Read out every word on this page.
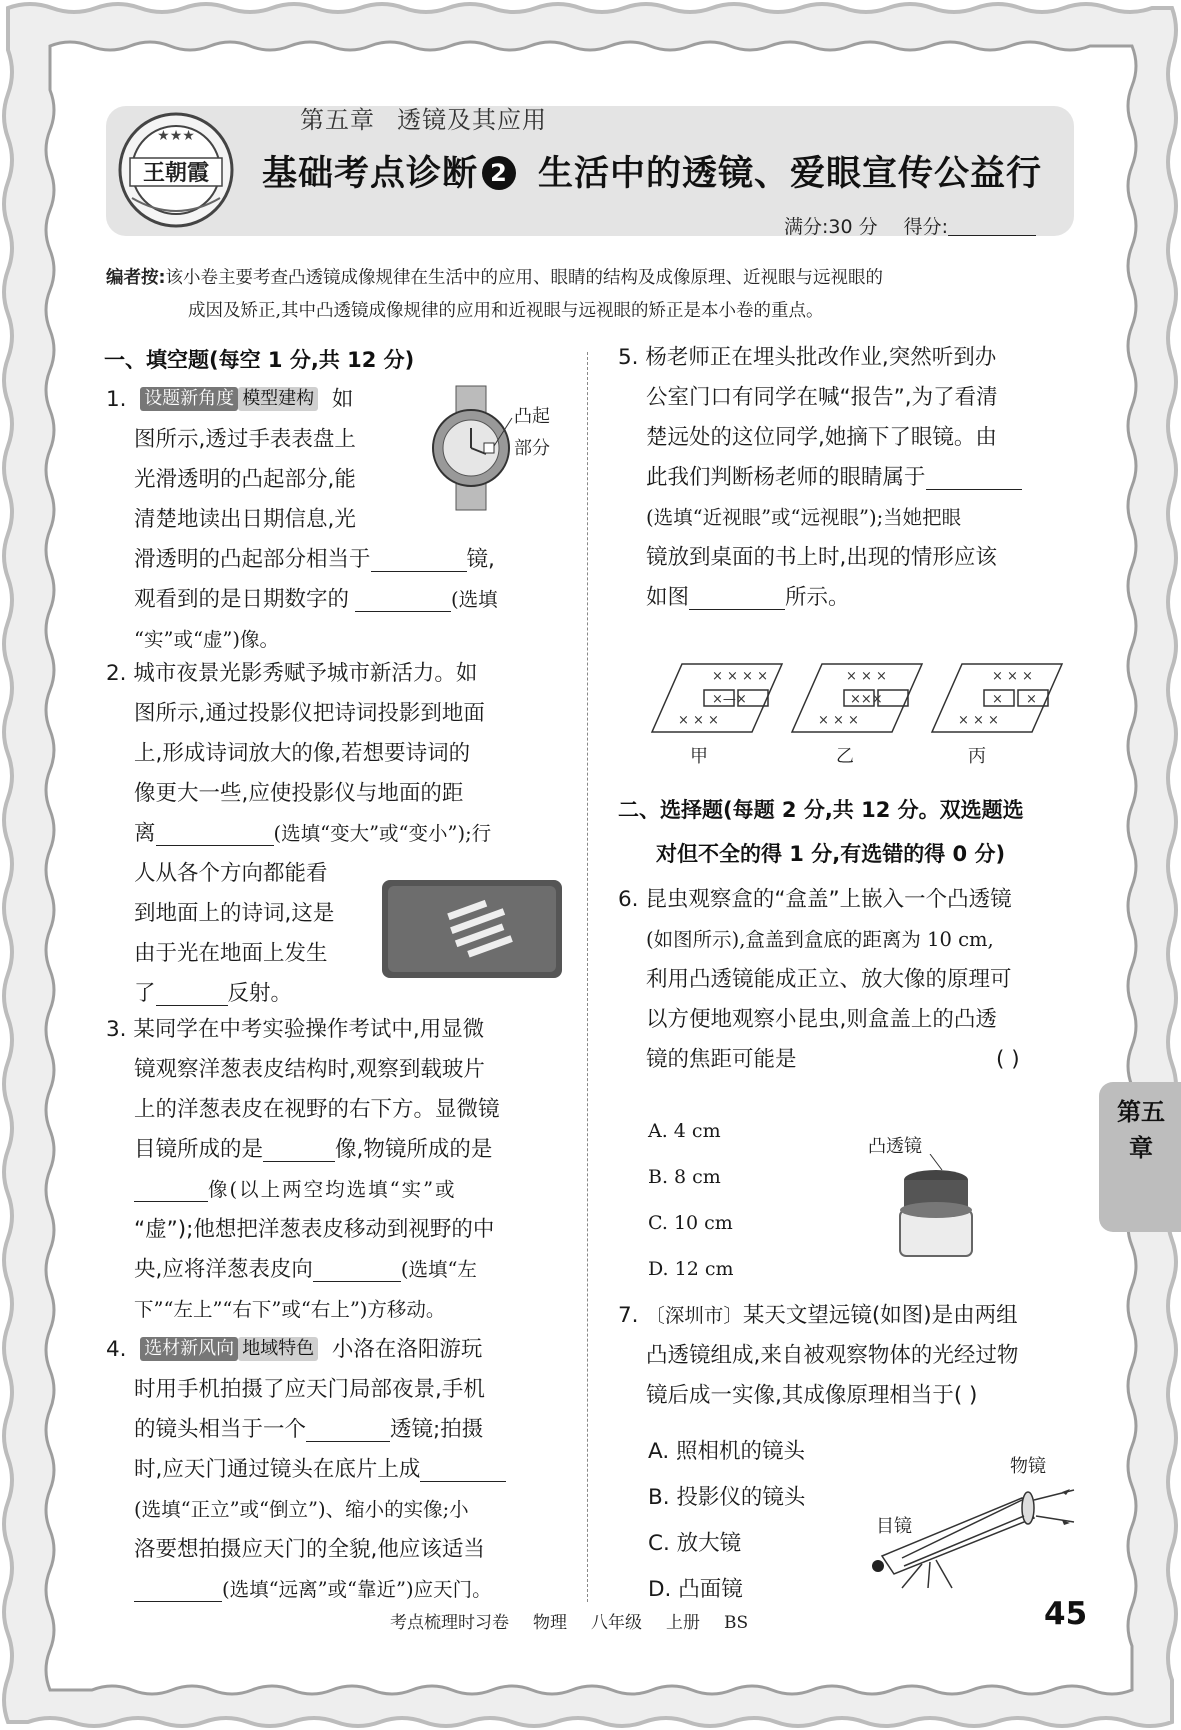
王朝霞
★★★
第五章 透镜及其应用
基础考点诊断 2 生活中的透镜、爱眼宣传公益行
满分:30 分 得分:
编者按:该小卷主要考查凸透镜成像规律在生活中的应用、眼睛的结构及成像原理、近视眼与远视眼的
成因及矫正,其中凸透镜成像规律的应用和近视眼与远视眼的矫正是本小卷的重点。
一、填空题(每空 1 分,共 12 分)
1. 设题新角度 模型建构 如
图所示,透过手表表盘上
光滑透明的凸起部分,能
清楚地读出日期信息,光
滑透明的凸起部分相当于	镜,
观看到的是日期数字的	(选填
“实”或“虚”)像。
凸起
部分
2. 城市夜景光影秀赋予城市新活力。如
图所示,通过投影仪把诗词投影到地面
上,形成诗词放大的像,若想要诗词的
像更大一些,应使投影仪与地面的距
离	(选填“变大”或“变小”);行
人从各个方向都能看
到地面上的诗词,这是
由于光在地面上发生
了	反射。
3. 某同学在中考实验操作考试中,用显微
镜观察洋葱表皮结构时,观察到载玻片
上的洋葱表皮在视野的右下方。显微镜
目镜所成的是	像,物镜所成的是
像(以上两空均选填“实”或
“虚”);他想把洋葱表皮移动到视野的中
央,应将洋葱表皮向	(选填“左
下”“左上”“右下”或“右上”)方移动。
4. 选材新风向 地域特色 小洛在洛阳游玩
时用手机拍摄了应天门局部夜景,手机
的镜头相当于一个	透镜;拍摄
时,应天门通过镜头在底片上成
(选填“正立”或“倒立”)、缩小的实像;小
洛要想拍摄应天门的全貌,他应该适当
(选填“远离”或“靠近”)应天门。
5. 杨老师正在埋头批改作业,突然听到办
公室门口有同学在喊“报告”,为了看清
楚远处的这位同学,她摘下了眼镜。由
此我们判断杨老师的眼睛属于
(选填“近视眼”或“远视眼”);当她把眼
镜放到桌面的书上时,出现的情形应该
如图	所示。
× × × ×
× × ×
×—×
× × ×
× × ×
×××
× × ×
× × ×
× ×
甲	乙	丙
二、选择题(每题 2 分,共 12 分。双选题选
对但不全的得 1 分,有选错的得 0 分)
6. 昆虫观察盒的“盒盖”上嵌入一个凸透镜
(如图所示),盒盖到盒底的距离为 10 cm,
利用凸透镜能成正立、放大像的原理可
以方便地观察小昆虫,则盒盖上的凸透
镜的焦距可能是	( )
A. 4 cm
B. 8 cm
C. 10 cm
D. 12 cm
凸透镜
7. 〔深圳市〕某天文望远镜(如图)是由两组
凸透镜组成,来自被观察物体的光经过物
镜后成一实像,其成像原理相当于( )
A. 照相机的镜头
B. 投影仪的镜头
C. 放大镜
D. 凸面镜
物镜
目镜
第五章
考点梳理时习卷 物理 八年级 上册 BS	45
